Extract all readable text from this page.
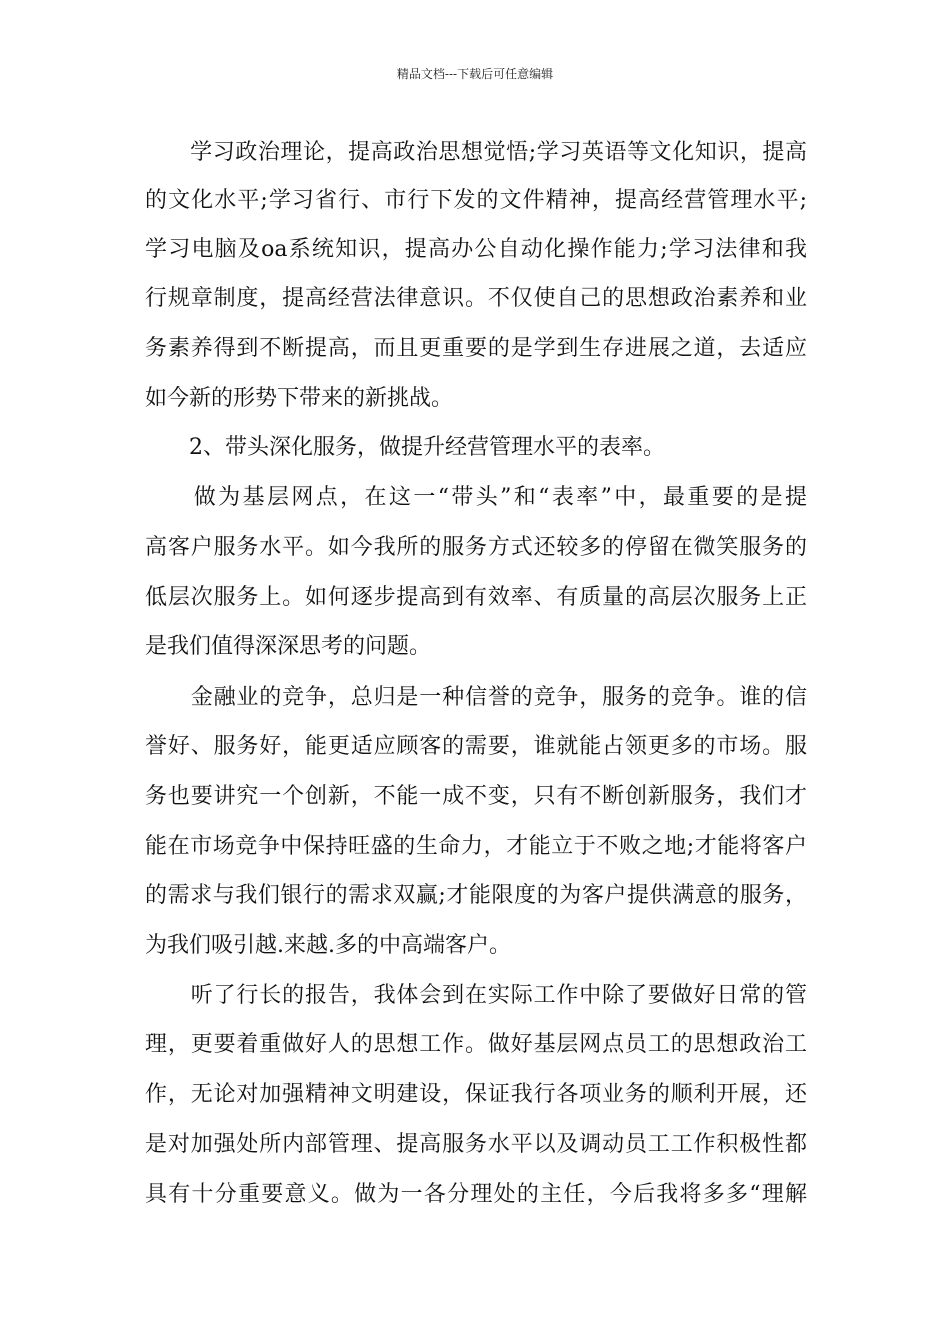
精品文档---下载后可任意编辑
　　学习政治理论，提高政治思想觉悟;学习英语等文化知识，提高
的文化水平;学习省行、市行下发的文件精神，提高经营管理水平;
学习电脑及oa系统知识，提高办公自动化操作能力;学习法律和我
行规章制度，提高经营法律意识。不仅使自己的思想政治素养和业
务素养得到不断提高，而且更重要的是学到生存进展之道，去适应
如今新的形势下带来的新挑战。
　　2、带头深化服务，做提升经营管理水平的表率。
　　做为基层网点，在这一“带头”和“表率”中，最重要的是提
高客户服务水平。如今我所的服务方式还较多的停留在微笑服务的
低层次服务上。如何逐步提高到有效率、有质量的高层次服务上正
是我们值得深深思考的问题。
　　金融业的竞争，总归是一种信誉的竞争，服务的竞争。谁的信
誉好、服务好，能更适应顾客的需要，谁就能占领更多的市场。服
务也要讲究一个创新，不能一成不变，只有不断创新服务，我们才
能在市场竞争中保持旺盛的生命力，才能立于不败之地;才能将客户
的需求与我们银行的需求双赢;才能限度的为客户提供满意的服务，
为我们吸引越.来越.多的中高端客户。
　　听了行长的报告，我体会到在实际工作中除了要做好日常的管
理，更要着重做好人的思想工作。做好基层网点员工的思想政治工
作，无论对加强精神文明建设，保证我行各项业务的顺利开展，还
是对加强处所内部管理、提高服务水平以及调动员工工作积极性都
具有十分重要意义。做为一各分理处的主任，今后我将多多“理解
